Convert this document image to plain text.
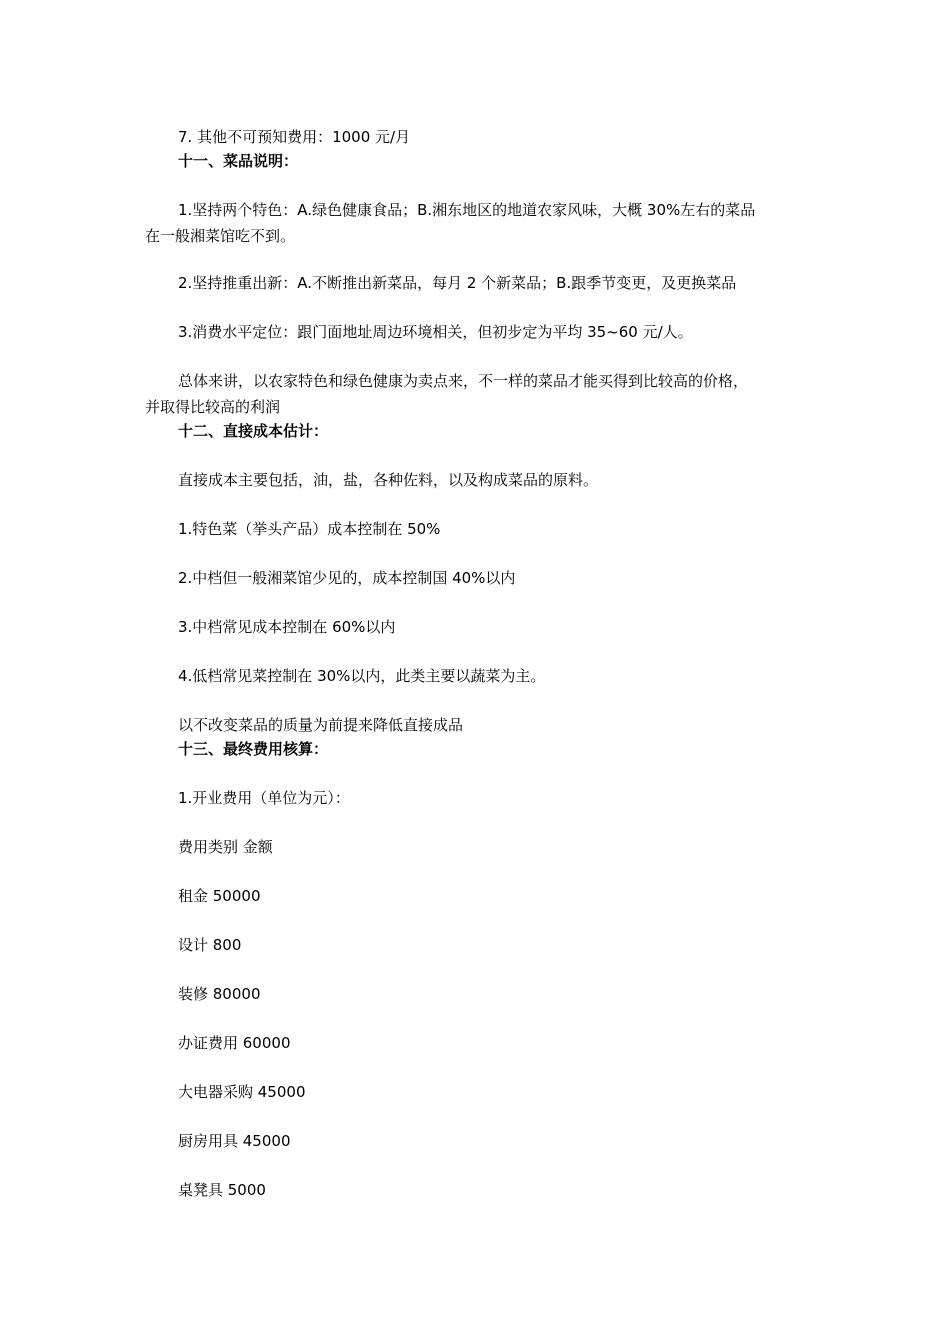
7. 其他不可预知费用：1000 元/月
十一、菜品说明：
1.坚持两个特色：A.绿色健康食品；B.湘东地区的地道农家风味，大概 30%左右的菜品
在一般湘菜馆吃不到。
2.坚持推重出新：A.不断推出新菜品，每月 2 个新菜品；B.跟季节变更，及更换菜品
3.消费水平定位：跟门面地址周边环境相关，但初步定为平均 35~60 元/人。
总体来讲，以农家特色和绿色健康为卖点来，不一样的菜品才能买得到比较高的价格，
并取得比较高的利润
十二、直接成本估计：
直接成本主要包括，油，盐，各种佐料，以及构成菜品的原料。
1.特色菜（挙头产品）成本控制在 50%
2.中档但一般湘菜馆少见的，成本控制国 40%以内
3.中档常见成本控制在 60%以内
4.低档常见菜控制在 30%以内，此类主要以蔬菜为主。
以不改变菜品的质量为前提来降低直接成品
十三、最终费用核算：
1.开业费用（单位为元）：
费用类别 金额
租金 50000
设计 800
装修 80000
办证费用 60000
大电器采购 45000
厨房用具 45000
桌凳具 5000
